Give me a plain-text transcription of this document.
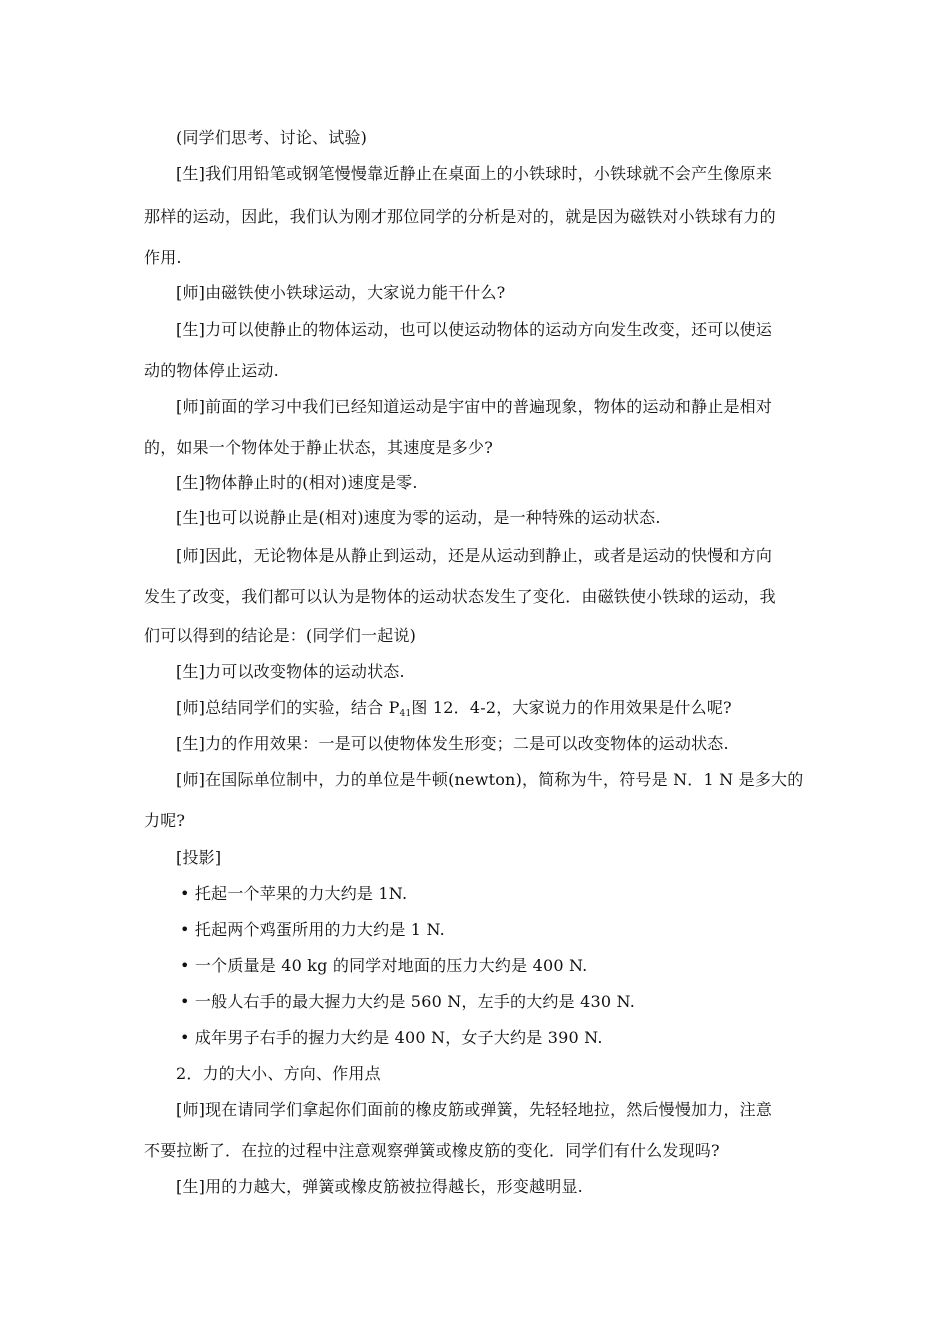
(同学们思考、讨论、试验)
[生]我们用铅笔或钢笔慢慢靠近静止在桌面上的小铁球时，小铁球就不会产生像原来
那样的运动，因此，我们认为刚才那位同学的分析是对的，就是因为磁铁对小铁球有力的
作用.
[师]由磁铁使小铁球运动，大家说力能干什么?
[生]力可以使静止的物体运动，也可以使运动物体的运动方向发生改变，还可以使运
动的物体停止运动.
[师]前面的学习中我们已经知道运动是宇宙中的普遍现象，物体的运动和静止是相对
的，如果一个物体处于静止状态，其速度是多少?
[生]物体静止时的(相对)速度是零.
[生]也可以说静止是(相对)速度为零的运动，是一种特殊的运动状态.
[师]因此，无论物体是从静止到运动，还是从运动到静止，或者是运动的快慢和方向
发生了改变，我们都可以认为是物体的运动状态发生了变化．由磁铁使小铁球的运动，我
们可以得到的结论是：(同学们一起说)
[生]力可以改变物体的运动状态.
[师]总结同学们的实验，结合 $P_{41}$图 12．4-2，大家说力的作用效果是什么呢?
[生]力的作用效果：一是可以使物体发生形变；二是可以改变物体的运动状态.
[师]在国际单位制中，力的单位是牛顿(newton)，简称为牛，符号是 N．1 N 是多大的
力呢?
[投影]
• 托起一个苹果的力大约是 1N.
• 托起两个鸡蛋所用的力大约是 1 N.
• 一个质量是 40 kg 的同学对地面的压力大约是 400 N.
• 一般人右手的最大握力大约是 560 N，左手的大约是 430 N.
• 成年男子右手的握力大约是 400 N，女子大约是 390 N.
2．力的大小、方向、作用点
[师]现在请同学们拿起你们面前的橡皮筋或弹簧，先轻轻地拉，然后慢慢加力，注意
不要拉断了．在拉的过程中注意观察弹簧或橡皮筋的变化．同学们有什么发现吗?
[生]用的力越大，弹簧或橡皮筋被拉得越长，形变越明显.
